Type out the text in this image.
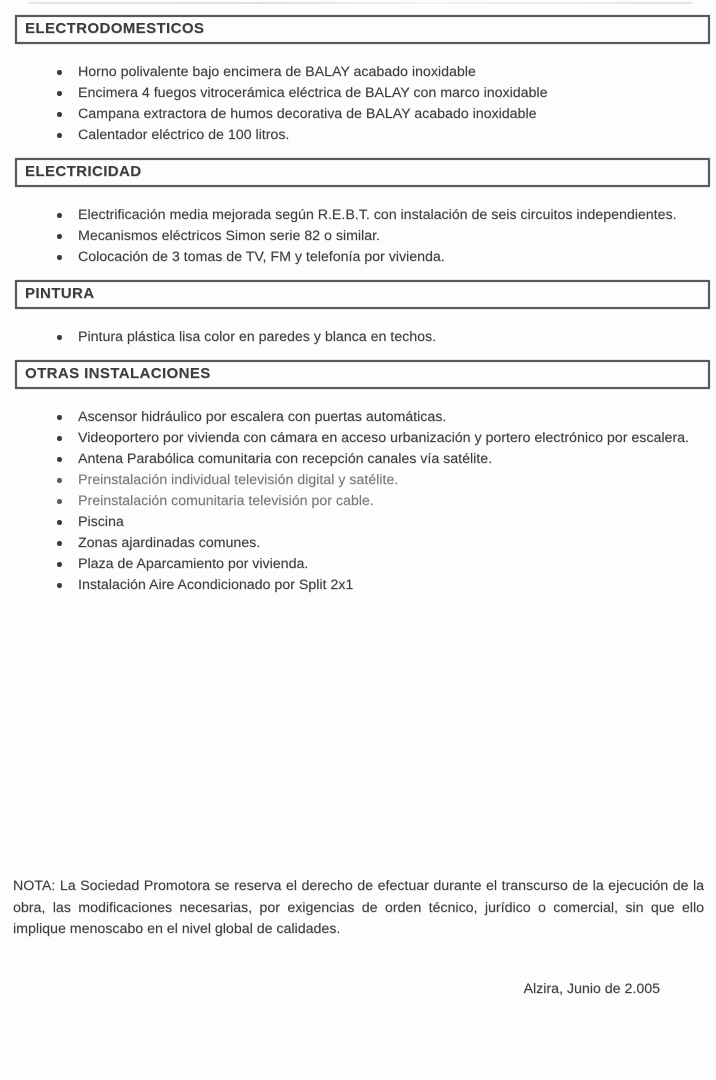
ELECTRODOMESTICOS
Horno polivalente bajo encimera de BALAY acabado inoxidable
Encimera 4 fuegos vitrocerámica eléctrica de BALAY con marco inoxidable
Campana extractora de humos decorativa de BALAY acabado inoxidable
Calentador eléctrico de 100 litros.
ELECTRICIDAD
Electrificación media mejorada según R.E.B.T. con instalación de seis circuitos independientes.
Mecanismos eléctricos Simon serie 82 o similar.
Colocación de 3 tomas de TV, FM y telefonía por vivienda.
PINTURA
Pintura plástica lisa color en paredes y blanca en techos.
OTRAS INSTALACIONES
Ascensor hidráulico por escalera con puertas automáticas.
Videoportero por vivienda con cámara en acceso urbanización y portero electrónico por escalera.
Antena Parabólica comunitaria con recepción canales vía satélite.
Preinstalación individual televisión digital y satélite.
Preinstalación comunitaria televisión por cable.
Piscina
Zonas ajardinadas comunes.
Plaza de Aparcamiento por vivienda.
Instalación Aire Acondicionado por Split 2x1

NOTA: La Sociedad Promotora se reserva el derecho de efectuar durante el transcurso de la ejecución de la obra, las modificaciones necesarias, por exigencias de orden técnico, jurídico o comercial, sin que ello implique menoscabo en el nivel global de calidades.

Alzira, Junio de 2.005
